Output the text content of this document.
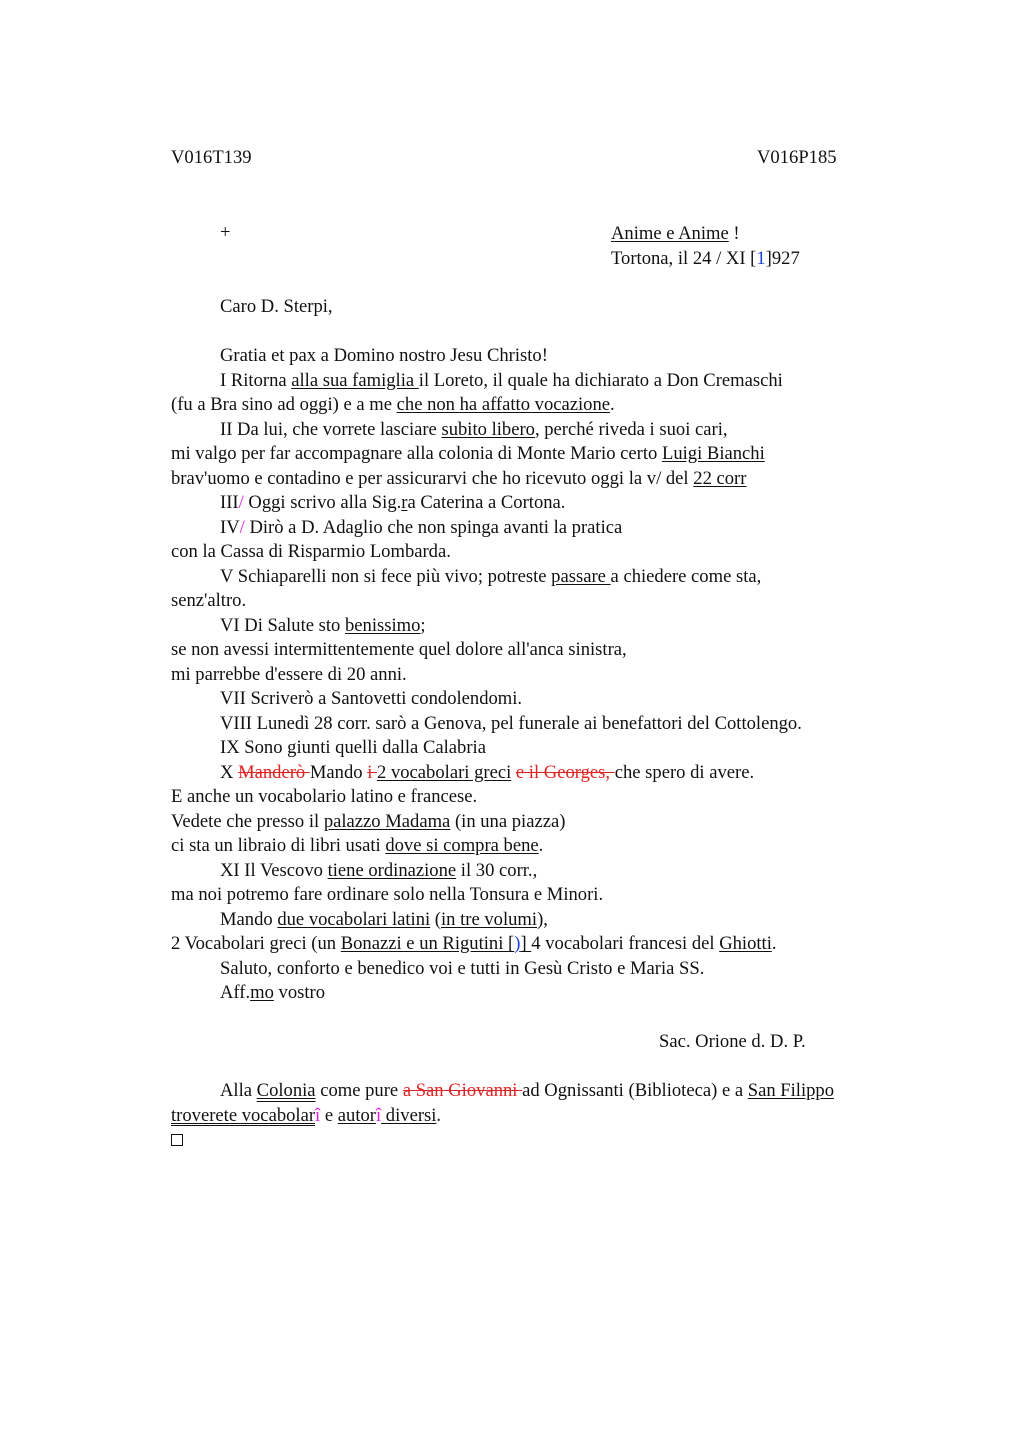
V016T139	V016P185
+	Anime e Anime !
Tortona, il 24 / XI [1]927
Caro D. Sterpi,
Gratia et pax a Domino nostro Jesu Christo!
I Ritorna alla sua famiglia il Loreto, il quale ha dichiarato a Don Cremaschi
(fu a Bra sino ad oggi) e a me che non ha affatto vocazione.
II Da lui, che vorrete lasciare subito libero, perché riveda i suoi cari,
mi valgo per far accompagnare alla colonia di Monte Mario certo Luigi Bianchi
brav'uomo e contadino e per assicurarvi che ho ricevuto oggi la v/ del 22 corr
III/ Oggi scrivo alla Sig.ra Caterina a Cortona.
IV/ Dirò a D. Adaglio che non spinga avanti la pratica
con la Cassa di Risparmio Lombarda.
V Schiaparelli non si fece più vivo; potreste passare a chiedere come sta,
senz'altro.
VI Di Salute sto benissimo;
se non avessi intermittentemente quel dolore all'anca sinistra,
mi parrebbe d'essere di 20 anni.
VII Scriverò a Santovetti condolendomi.
VIII Lunedì 28 corr. sarò a Genova, pel funerale ai benefattori del Cottolengo.
IX Sono giunti quelli dalla Calabria
X Manderò Mando i 2 vocabolari greci e il Georges, che spero di avere.
E anche un vocabolario latino e francese.
Vedete che presso il palazzo Madama (in una piazza)
ci sta un libraio di libri usati dove si compra bene.
XI Il Vescovo tiene ordinazione il 30 corr.,
ma noi potremo fare ordinare solo nella Tonsura e Minori.
Mando due vocabolari latini (in tre volumi),
2 Vocabolari greci (un Bonazzi e un Rigutini [)] 4 vocabolari francesi del Ghiotti.
Saluto, conforto e benedico voi e tutti in Gesù Cristo e Maria SS.
Aff.mo vostro
Sac. Orione d. D. P.
Alla Colonia come pure a San Giovanni ad Ognissanti (Biblioteca) e a San Filippo
troverete vocabolarî e autorî diversi.
